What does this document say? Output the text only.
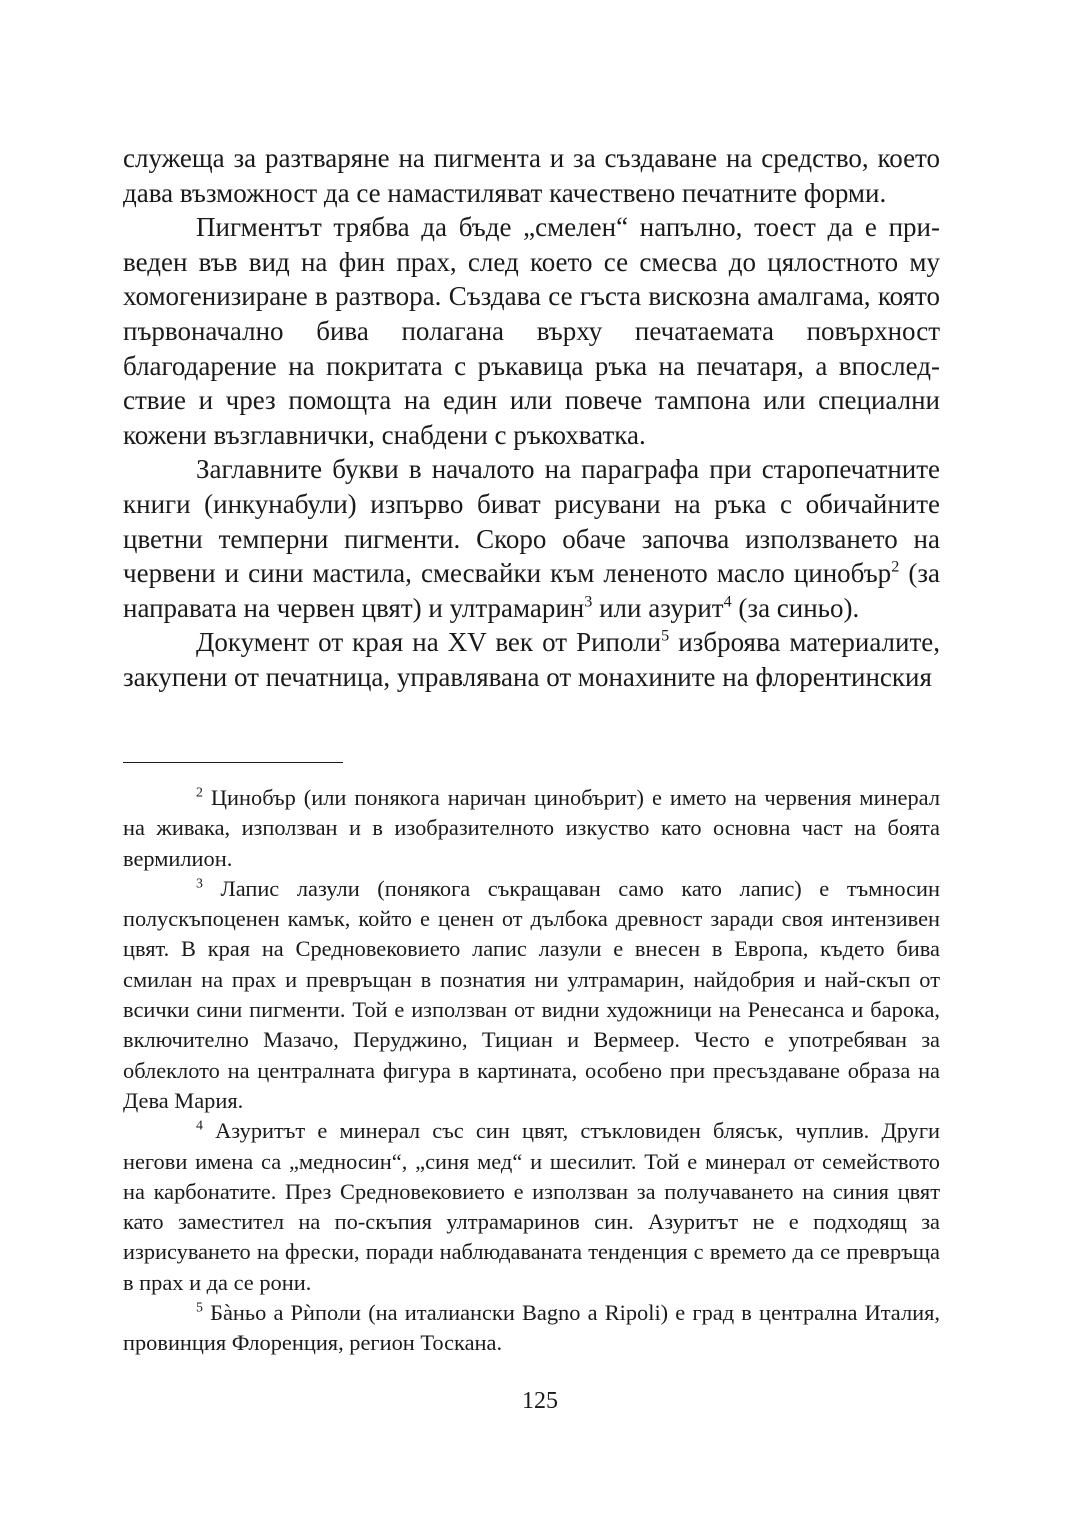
служеща за разтваряне на пигмента и за създаване на средство, което дава възможност да се намастиляват качествено печатните форми.

Пигментът трябва да бъде „смелен“ напълно, тоест да е приведен във вид на фин прах, след което се смесва до цялостното му хомогенизиране в разтвора. Създава се гъста вискозна амалгама, която първоначално бива полагана върху печатаемата повърхност благодарение на покритата с ръкавица ръка на печатаря, а впоследствие и чрез помощта на един или повече тампона или специални кожени възглавнички, снабдени с ръкохватка.

Заглавните букви в началото на параграфа при старопечатните книги (инкунабули) изпърво биват рисувани на ръка с обичайните цветни темперни пигменти. Скоро обаче започва използването на червени и сини мастила, смесвайки към лененото масло цинобър$^2$ (за направата на червен цвят) и ултрамарин$^3$ или азурит$^4$ (за синьо).

Документ от края на XV век от Риполи$^5$ изброява материалите, закупени от печатница, управлявана от монахините на флорентинския

$^2$ Цинобър (или понякога наричан цинобърит) е името на червения минерал на живака, използван и в изобразителното изкуство като основна част на боята вермилион.

$^3$ Лапис лазули (понякога съкращаван само като лапис) е тъмносин полускъпоценен камък, който е ценен от дълбока древност заради своя интензивен цвят. В края на Средновековието лапис лазули е внесен в Европа, където бива смилан на прах и превръщан в познатия ни ултрамарин, найдобрия и най-скъп от всички сини пигменти. Той е използван от видни художници на Ренесанса и барока, включително Мазачо, Перуджино, Тициан и Вермеер. Често е употребяван за облеклото на централната фигура в картината, особено при пресъздаване образа на Дева Мария.

$^4$ Азуритът е минерал със син цвят, стъкловиден блясък, чуплив. Други негови имена са „медносин“, „синя мед“ и шесилит. Той е минерал от семейството на карбонатите. През Средновековието е използван за получаването на синия цвят като заместител на по-скъпия ултрамаринов син. Азуритът не е подходящ за изрисуването на фрески, поради наблюдаваната тенденция с времето да се превръща в прах и да се рони.

$^5$ Бàньо а Рѝполи (на италиански Bagno a Ripoli) е град в централна Италия, провинция Флоренция, регион Тоскана.

125
